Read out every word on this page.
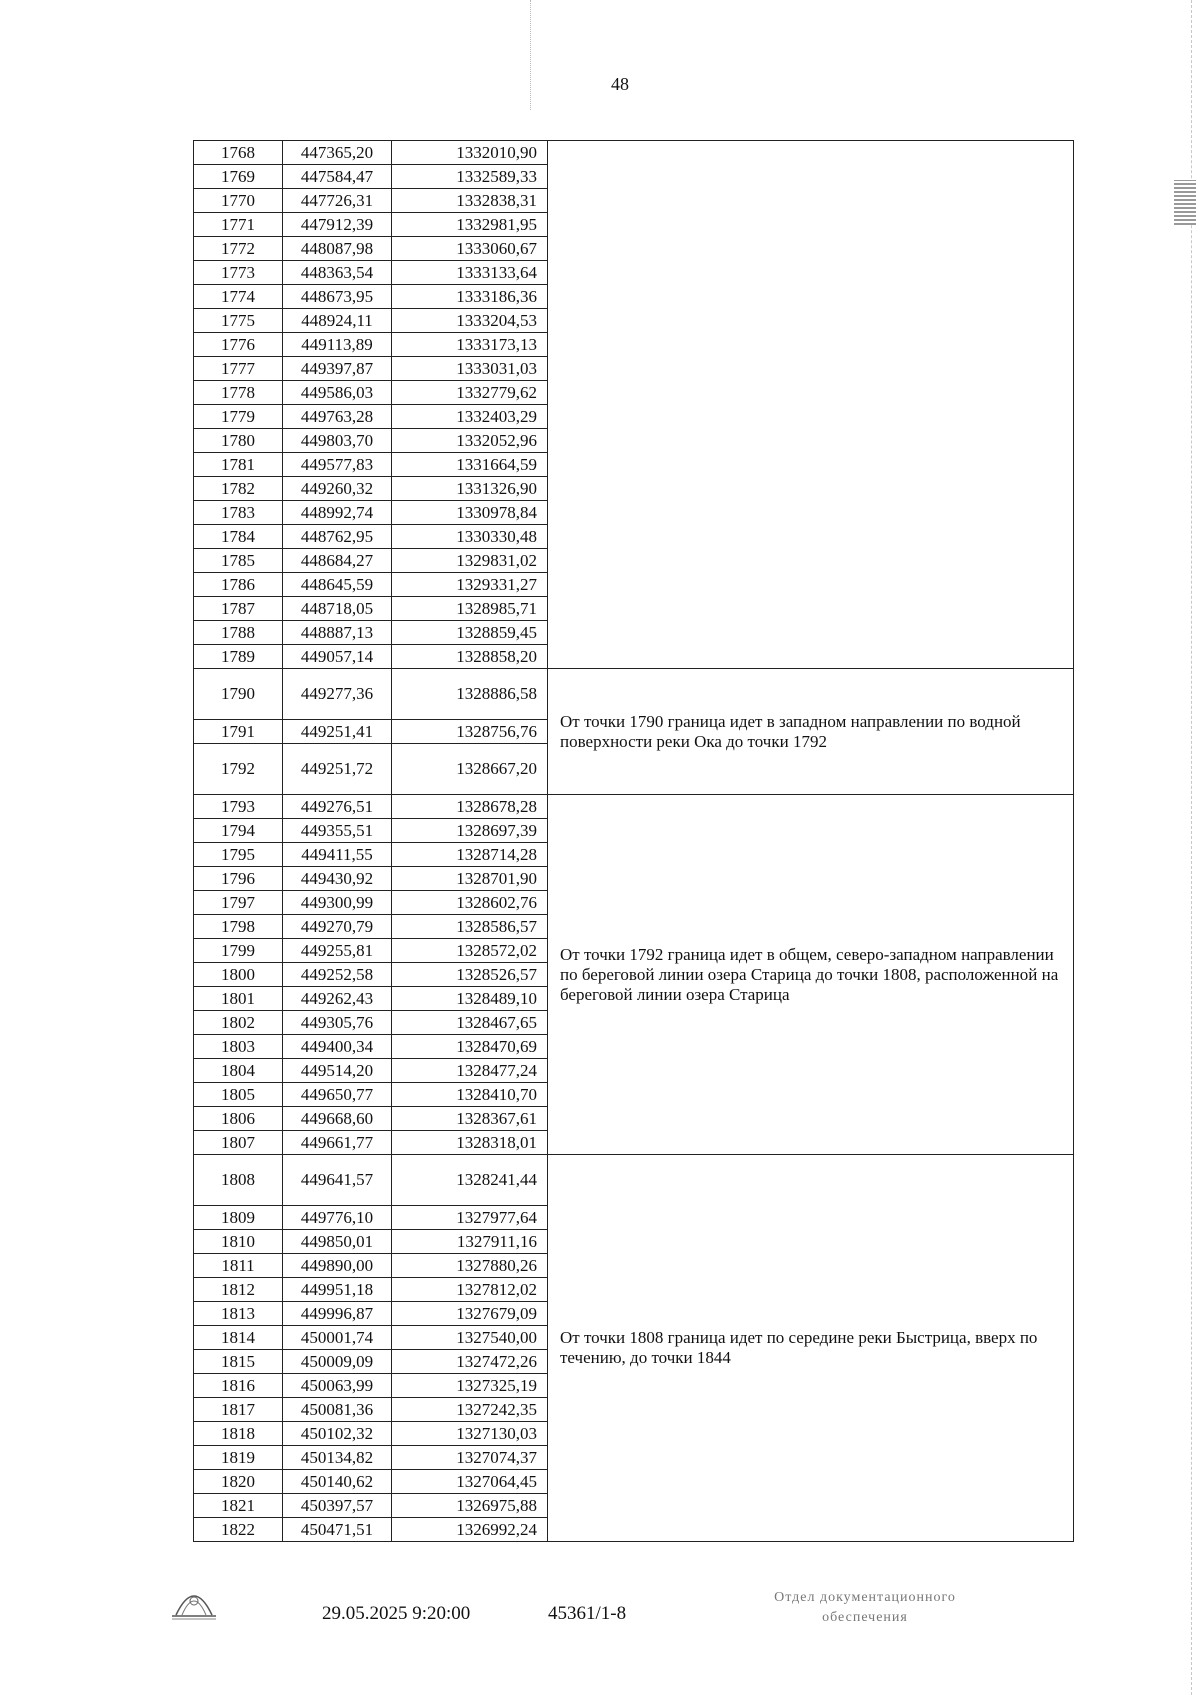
48
1768	447365,20	1332010,90	
1769	447584,47	1332589,33	
1770	447726,31	1332838,31	
1771	447912,39	1332981,95	
1772	448087,98	1333060,67	
1773	448363,54	1333133,64	
1774	448673,95	1333186,36	
1775	448924,11	1333204,53	
1776	449113,89	1333173,13	
1777	449397,87	1333031,03	
1778	449586,03	1332779,62	
1779	449763,28	1332403,29	
1780	449803,70	1332052,96	
1781	449577,83	1331664,59	
1782	449260,32	1331326,90	
1783	448992,74	1330978,84	
1784	448762,95	1330330,48	
1785	448684,27	1329831,02	
1786	448645,59	1329331,27	
1787	448718,05	1328985,71	
1788	448887,13	1328859,45	
1789	449057,14	1328858,20	
1790	449277,36	1328886,58	От точки 1790 граница идет в западном направлении по водной поверхности реки Ока до точки 1792
1791	449251,41	1328756,76	
1792	449251,72	1328667,20	
1793	449276,51	1328678,28	От точки 1792 граница идет в общем, северо-западном направлении по береговой линии озера Старица до точки 1808, расположенной на береговой линии озера Старица
1794	449355,51	1328697,39	
1795	449411,55	1328714,28	
1796	449430,92	1328701,90	
1797	449300,99	1328602,76	
1798	449270,79	1328586,57	
1799	449255,81	1328572,02	
1800	449252,58	1328526,57	
1801	449262,43	1328489,10	
1802	449305,76	1328467,65	
1803	449400,34	1328470,69	
1804	449514,20	1328477,24	
1805	449650,77	1328410,70	
1806	449668,60	1328367,61	
1807	449661,77	1328318,01	
1808	449641,57	1328241,44	От точки 1808 граница идет по середине реки Быстрица, вверх по течению, до точки 1844
1809	449776,10	1327977,64	
1810	449850,01	1327911,16	
1811	449890,00	1327880,26	
1812	449951,18	1327812,02	
1813	449996,87	1327679,09	
1814	450001,74	1327540,00	
1815	450009,09	1327472,26	
1816	450063,99	1327325,19	
1817	450081,36	1327242,35	
1818	450102,32	1327130,03	
1819	450134,82	1327074,37	
1820	450140,62	1327064,45	
1821	450397,57	1326975,88	
1822	450471,51	1326992,24	
29.05.2025 9:20:00	45361/1-8
Отдел документационного
обеспечения
